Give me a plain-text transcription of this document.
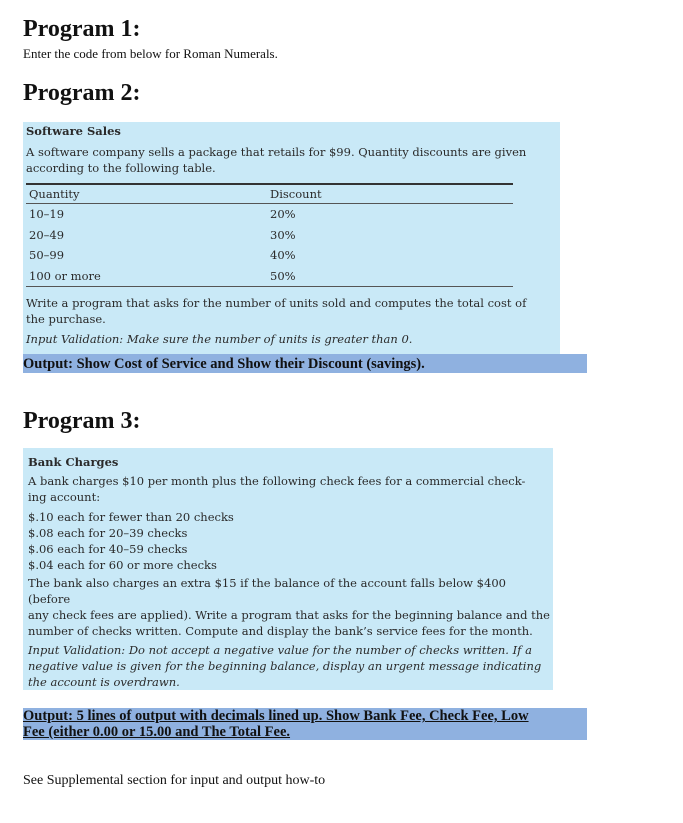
Program 1:
Enter the code from below for Roman Numerals.
Program 2:

Software Sales

A software company sells a package that retails for $99. Quantity discounts are given

according to the following table.

Quantity	Discount
10–19	20%
20–49	30%
50–99	40%
100 or more	50%

Write a program that asks for the number of units sold and computes the total cost of

the purchase.

Input Validation: Make sure the number of units is greater than 0.

Output: Show Cost of Service and Show their Discount (savings).
Program 3:

Bank Charges

A bank charges $10 per month plus the following check fees for a commercial check-

ing account:

$.10 each for fewer than 20 checks

$.08 each for 20–39 checks

$.06 each for 40–59 checks

$.04 each for 60 or more checks

The bank also charges an extra $15 if the balance of the account falls below $400 (before

any check fees are applied). Write a program that asks for the beginning balance and the

number of checks written. Compute and display the bank’s service fees for the month.

Input Validation: Do not accept a negative value for the number of checks written. If a

negative value is given for the beginning balance, display an urgent message indicating

the account is overdrawn.

Output: 5 lines of output with decimals lined up. Show Bank Fee, Check Fee, Low
Fee (either 0.00 or 15.00 and The Total Fee.
See Supplemental section for input and output how-to
